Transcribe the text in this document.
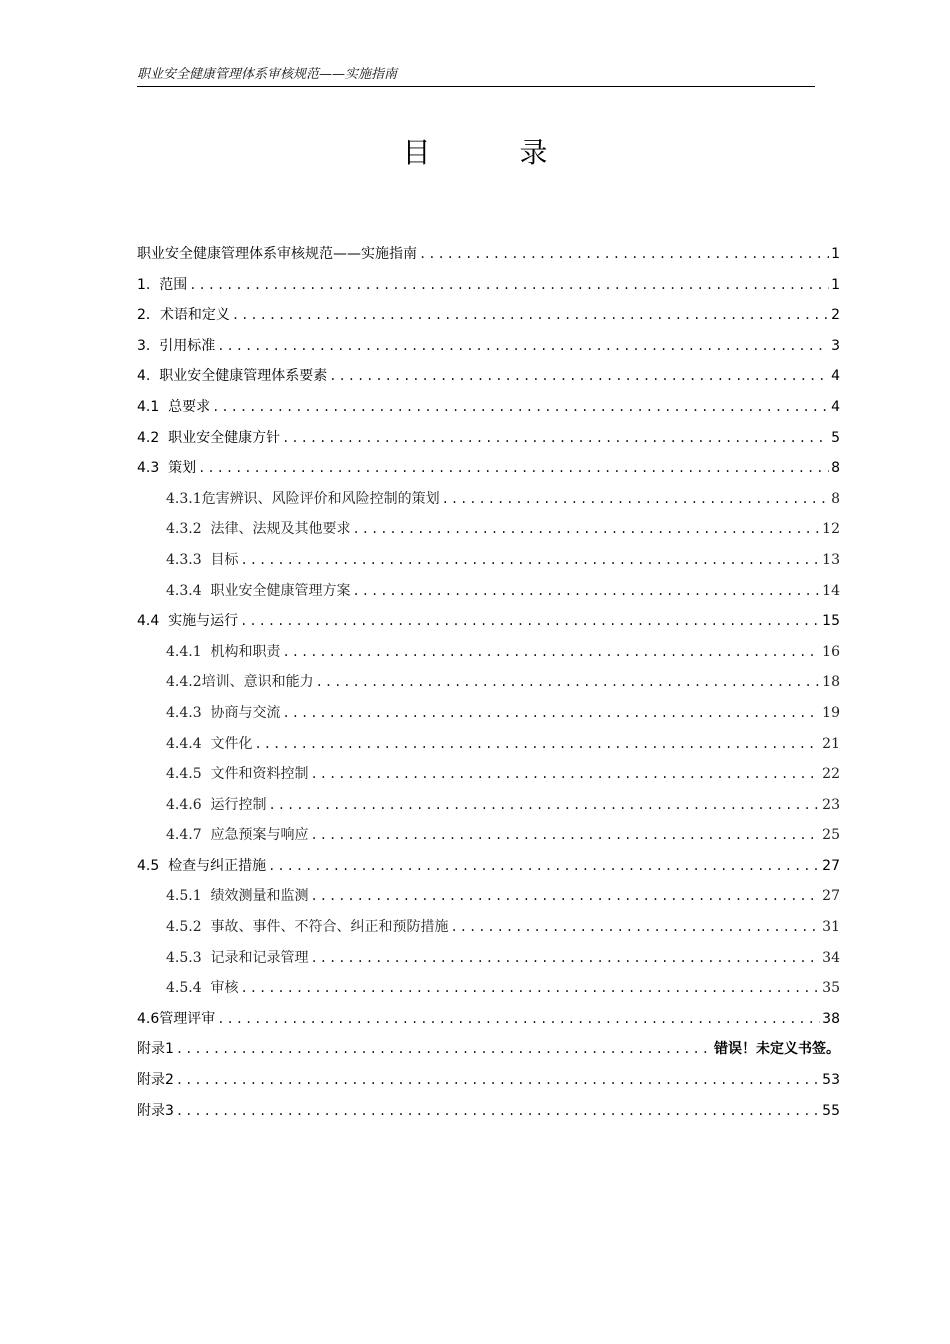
职业安全健康管理体系审核规范——实施指南
目 录
职业安全健康管理体系审核规范——实施指南 .....	1
1.  范围 .....	1
2．术语和定义 .....	2
3.  引用标准 .....	3
4.  职业安全健康管理体系要素 .....	4
4.1  总要求 .....	4
4.2  职业安全健康方针 .....	5
4.3  策划 .....	8
4.3.1危害辨识、风险评价和风险控制的策划 .....	8
4.3.2  法律、法规及其他要求 .....	12
4.3.3  目标 .....	13
4.3.4  职业安全健康管理方案 .....	14
4.4  实施与运行 .....	15
4.4.1  机构和职责 .....	16
4.4.2培训、意识和能力 .....	18
4.4.3  协商与交流 .....	19
4.4.4  文件化 .....	21
4.4.5  文件和资料控制 .....	22
4.4.6  运行控制 .....	23
4.4.7  应急预案与响应 .....	25
4.5  检查与纠正措施 .....	27
4.5.1  绩效测量和监测 .....	27
4.5.2  事故、事件、不符合、纠正和预防措施 .....	31
4.5.3  记录和记录管理 .....	34
4.5.4  审核 .....	35
4.6管理评审 .....	38
附录1 .....	错误！未定义书签。
附录2 .....	53
附录3 .....	55
